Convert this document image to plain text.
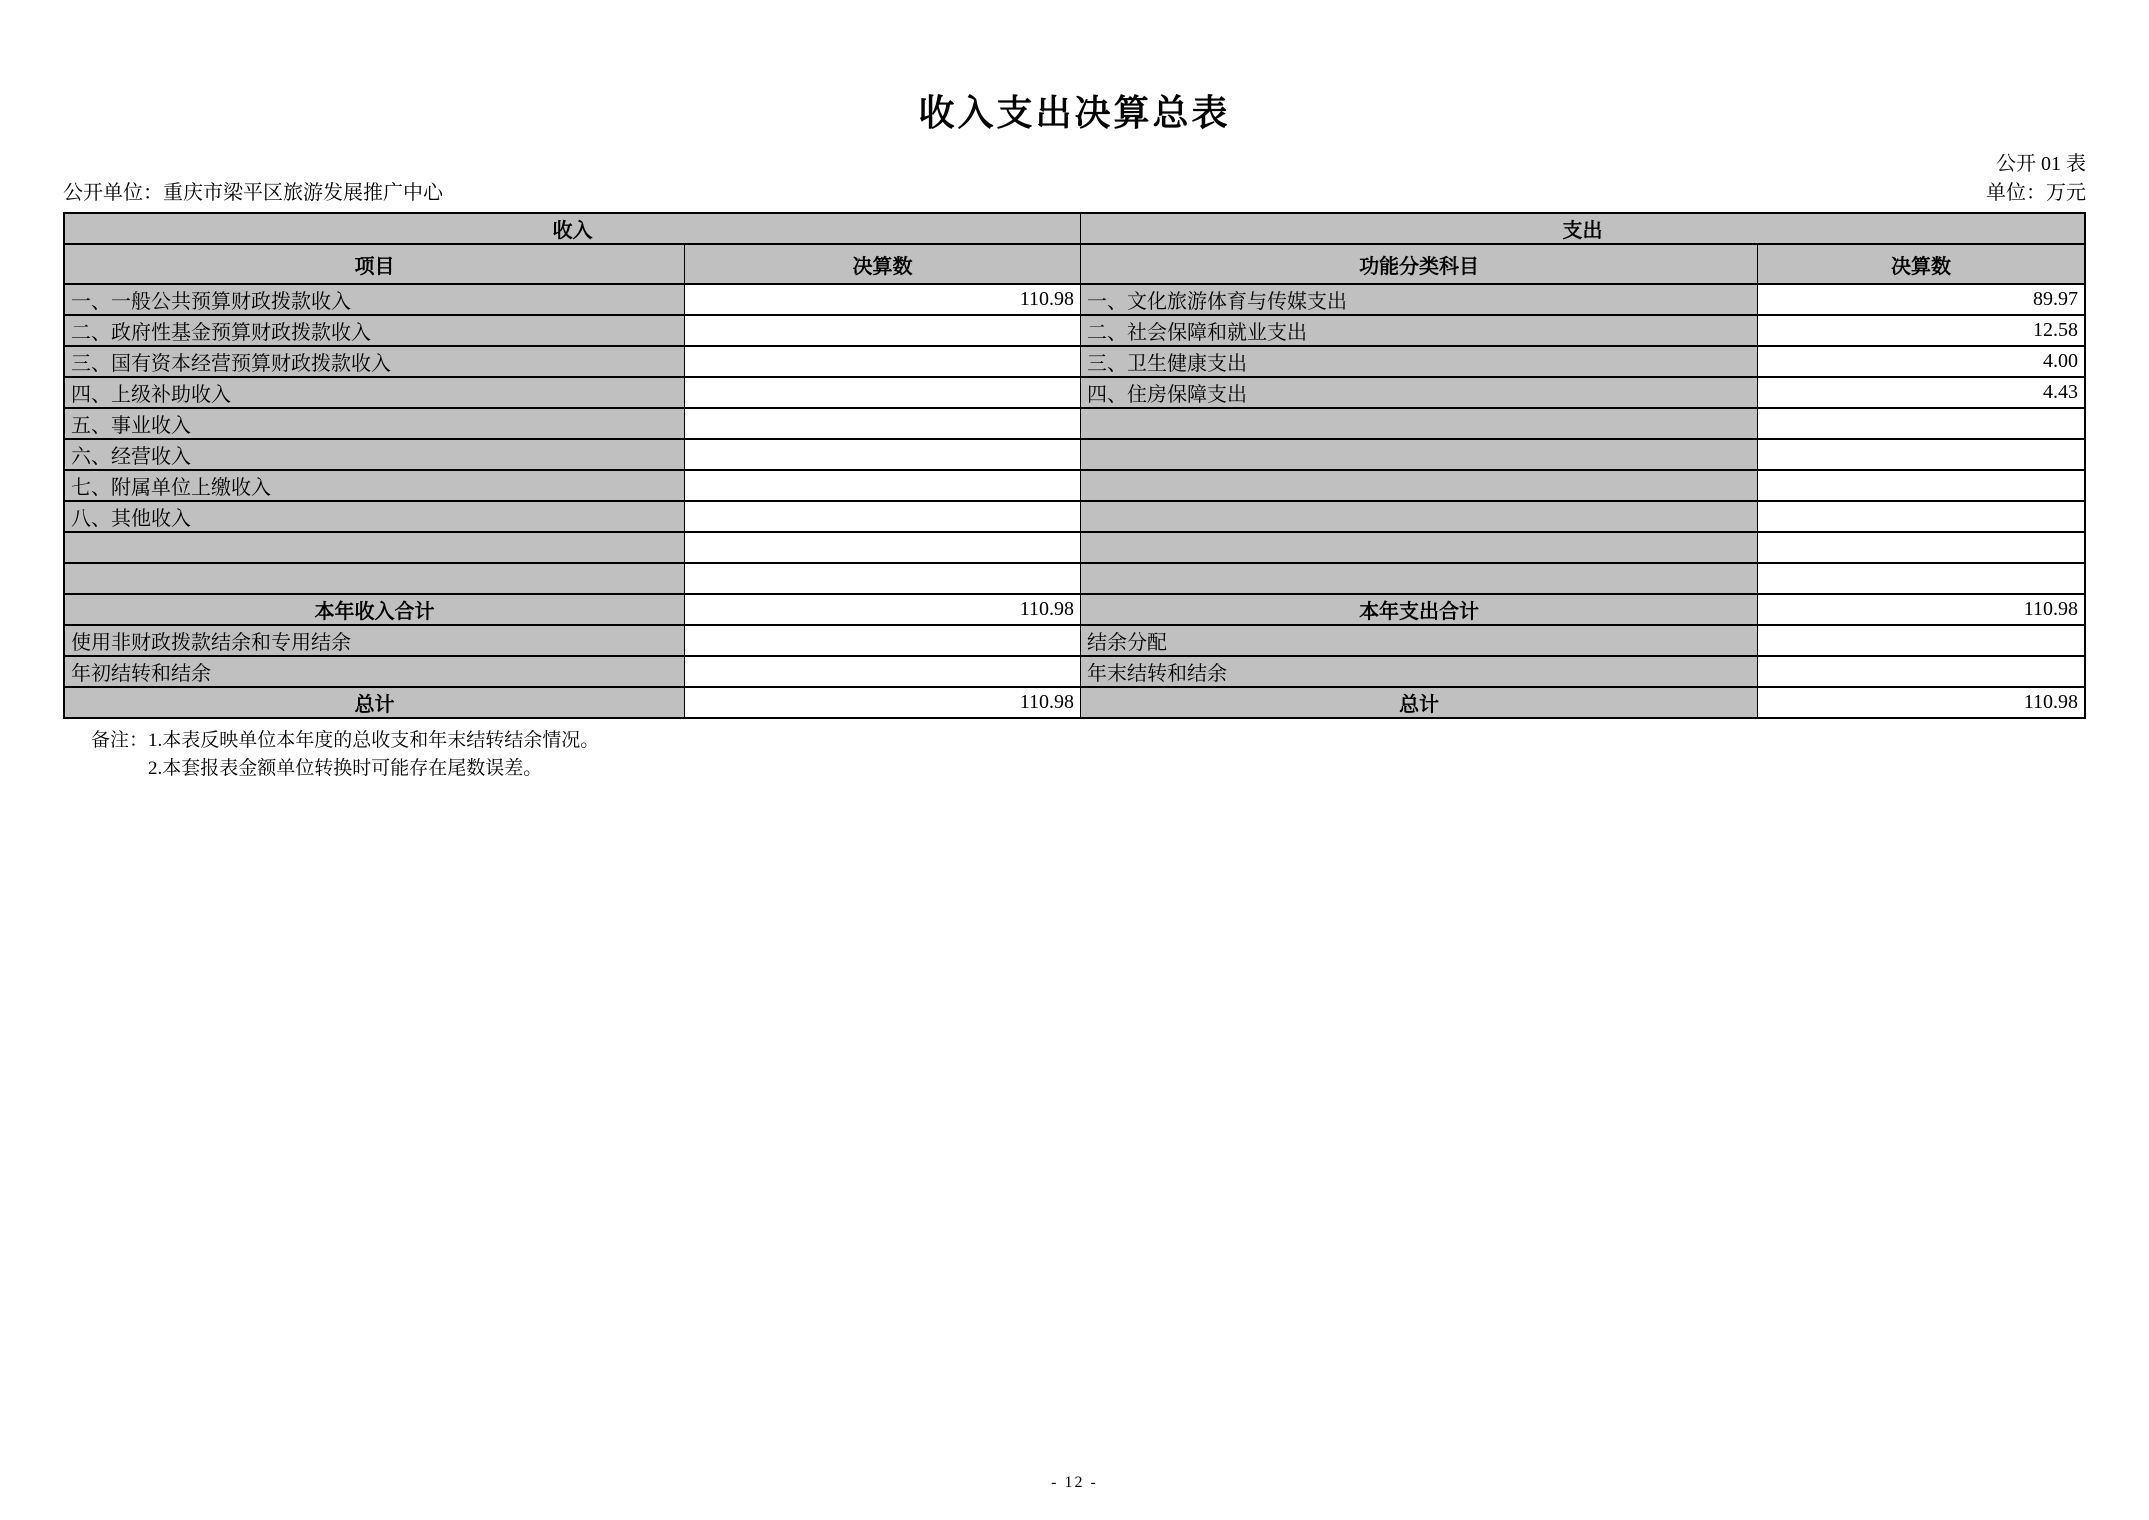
收入支出决算总表
公开 01 表
公开单位：重庆市梁平区旅游发展推广中心	单位：万元
收入		支出	
项目	决算数	功能分类科目	决算数
一、一般公共预算财政拨款收入	110.98	一、文化旅游体育与传媒支出	89.97
二、政府性基金预算财政拨款收入		二、社会保障和就业支出	12.58
三、国有资本经营预算财政拨款收入		三、卫生健康支出	4.00
四、上级补助收入		四、住房保障支出	4.43
五、事业收入			
六、经营收入			
七、附属单位上缴收入			
八、其他收入			

本年收入合计	110.98	本年支出合计	110.98
使用非财政拨款结余和专用结余		结余分配	
年初结转和结余		年末结转和结余	
总计	110.98	总计	110.98
备注：1.本表反映单位本年度的总收支和年末结转结余情况。
2.本套报表金额单位转换时可能存在尾数误差。
- 12 -
